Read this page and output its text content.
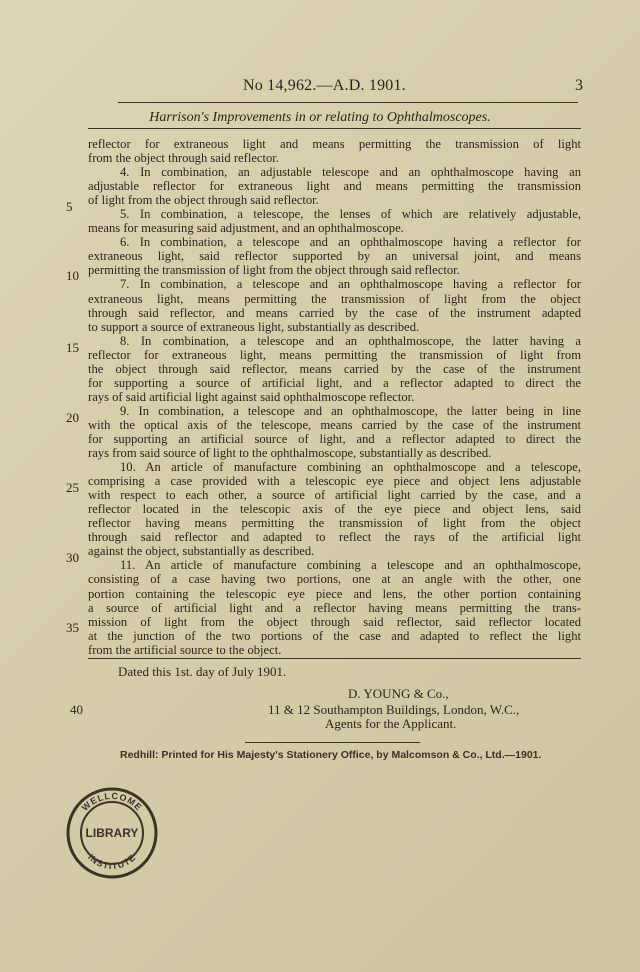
No 14,962.—A.D. 1901.	3
Harrison's Improvements in or relating to Ophthalmoscopes.
reflector for extraneous light and means permitting the transmission of light
from the object through said reflector.
4. In combination, an adjustable telescope and an ophthalmoscope having an
adjustable reflector for extraneous light and means permitting the transmission
of light from the object through said reflector.
5. In combination, a telescope, the lenses of which are relatively adjustable,
means for measuring said adjustment, and an ophthalmoscope.
6. In combination, a telescope and an ophthalmoscope having a reflector for
extraneous light, said reflector supported by an universal joint, and means
permitting the transmission of light from the object through said reflector.
7. In combination, a telescope and an ophthalmoscope having a reflector for
extraneous light, means permitting the transmission of light from the object
through said reflector, and means carried by the case of the instrument adapted
to support a source of extraneous light, substantially as described.
8. In combination, a telescope and an ophthalmoscope, the latter having a
reflector for extraneous light, means permitting the transmission of light from
the object through said reflector, means carried by the case of the instrument
for supporting a source of artificial light, and a reflector adapted to direct the
rays of said artificial light against said ophthalmoscope reflector.
9. In combination, a telescope and an ophthalmoscope, the latter being in line
with the optical axis of the telescope, means carried by the case of the instrument
for supporting an artificial source of light, and a reflector adapted to direct the
rays from said source of light to the ophthalmoscope, substantially as described.
10. An article of manufacture combining an ophthalmoscope and a telescope,
comprising a case provided with a telescopic eye piece and object lens adjustable
with respect to each other, a source of artificial light carried by the case, and a
reflector located in the telescopic axis of the eye piece and object lens, said
reflector having means permitting the transmission of light from the object
through said reflector and adapted to reflect the rays of the artificial light
against the object, substantially as described.
11. An article of manufacture combining a telescope and an ophthalmoscope,
consisting of a case having two portions, one at an angle with the other, one
portion containing the telescopic eye piece and lens, the other portion containing
a source of artificial light and a reflector having means permitting the trans-
mission of light from the object through said reflector, said reflector located
at the junction of the two portions of the case and adapted to reflect the light
from the artificial source to the object.
5
10
15
20
25
30
35
Dated this 1st. day of July 1901.
D. YOUNG & Co.,
40	11 & 12 Southampton Buildings, London, W.C.,
Agents for the Applicant.
Redhill: Printed for His Majesty's Stationery Office, by Malcomson & Co., Ltd.—1901.
WELLCOME
INSTITUTE
LIBRARY
